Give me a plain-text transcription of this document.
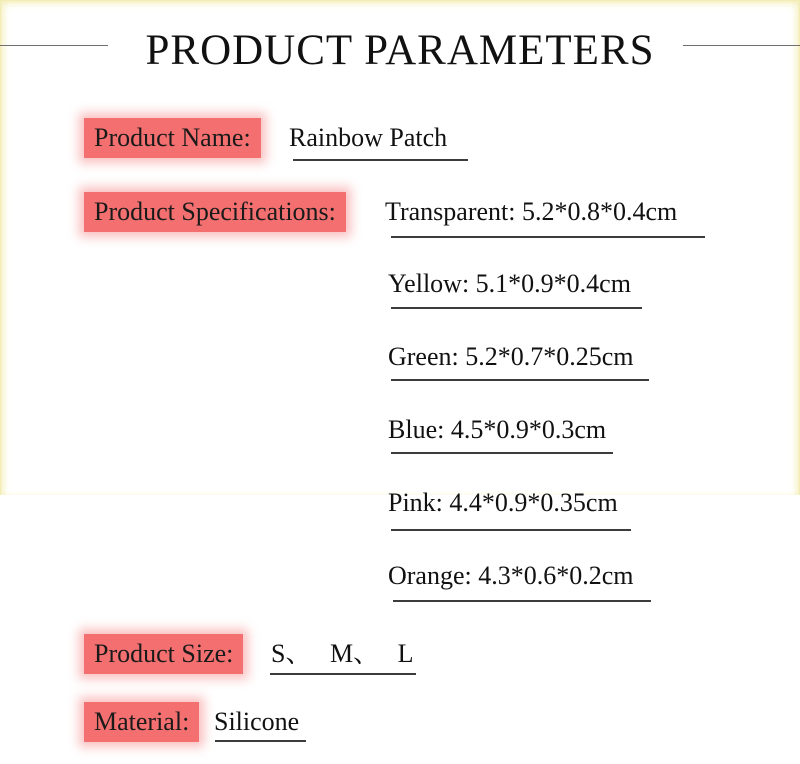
PRODUCT PARAMETERS
Product Name:	Rainbow Patch
Product Specifications:	Transparent: 5.2*0.8*0.4cm
Yellow: 5.1*0.9*0.4cm
Green: 5.2*0.7*0.25cm
Blue: 4.5*0.9*0.3cm
Pink: 4.4*0.9*0.35cm
Orange: 4.3*0.6*0.2cm
Product Size:	S、 M、 L
Material: Silicone
